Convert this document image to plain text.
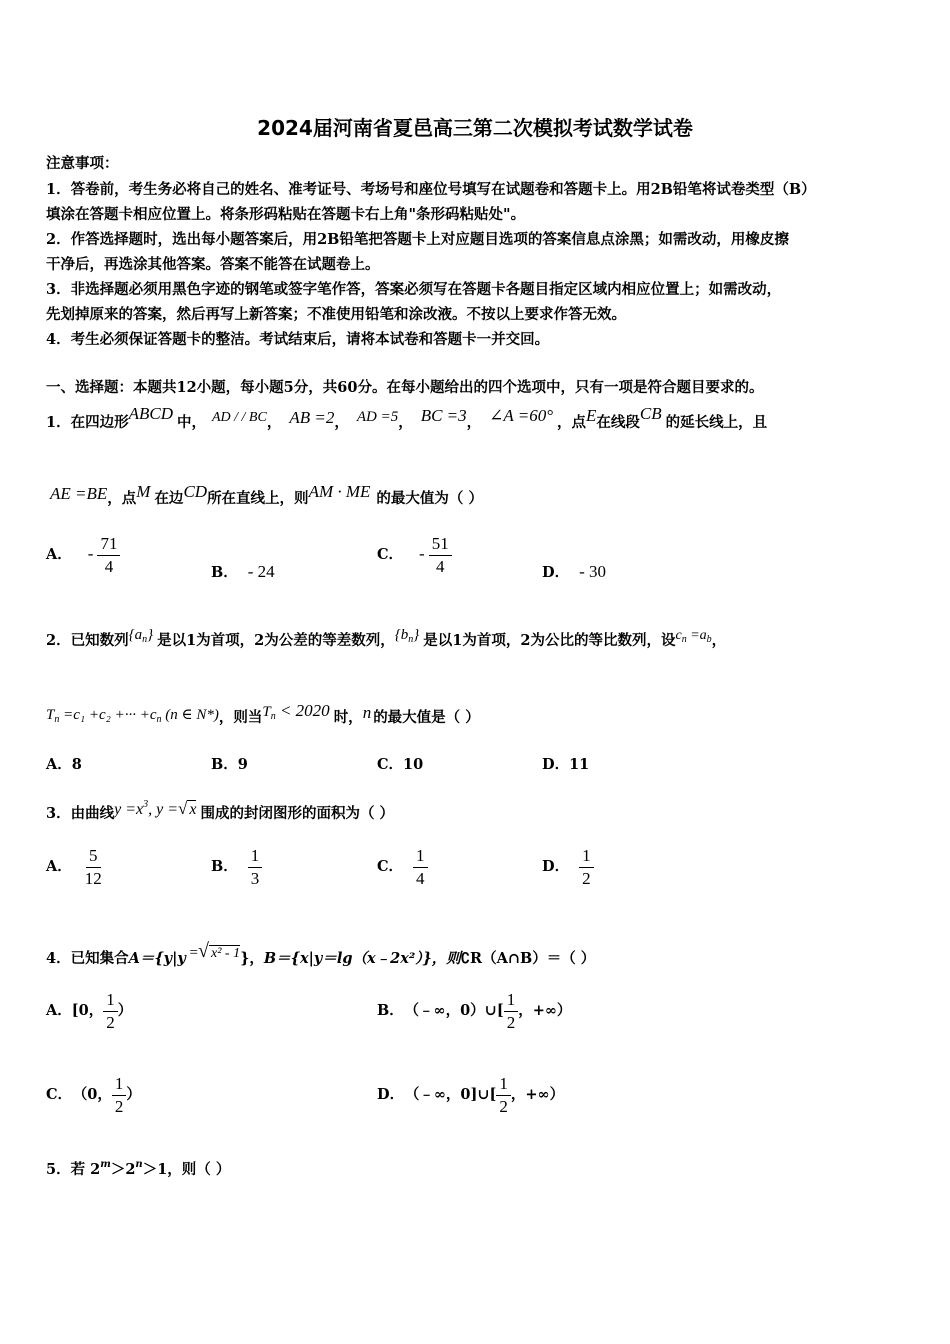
2024届河南省夏邑高三第二次模拟考试数学试卷
注意事项：
1．答卷前，考生务必将自己的姓名、准考证号、考场号和座位号填写在试题卷和答题卡上。用2B铅笔将试卷类型（B）
填涂在答题卡相应位置上。将条形码粘贴在答题卡右上角"条形码粘贴处"。
2．作答选择题时，选出每小题答案后，用2B铅笔把答题卡上对应题目选项的答案信息点涂黑；如需改动，用橡皮擦
干净后，再选涂其他答案。答案不能答在试题卷上。
3．非选择题必须用黑色字迹的钢笔或签字笔作答，答案必须写在答题卡各题目指定区域内相应位置上；如需改动，
先划掉原来的答案，然后再写上新答案；不准使用铅笔和涂改液。不按以上要求作答无效。
4．考生必须保证答题卡的整洁。考试结束后，请将本试卷和答题卡一并交回。
一、选择题：本题共12小题，每小题5分，共60分。在每小题给出的四个选项中，只有一项是符合题目要求的。
1．在四边形ABCD 中， AD / / BC， AB =2， AD =5， BC =3， ∠A =60° ，点E在线段CB 的延长线上，且
AE =BE，点M 在边CD所在直线上，则AM · ME 的最大值为（ ）
A． - $\frac{71}{4}$	B． - 24
C． - $\frac{51}{4}$	D． - 30
2．已知数列$\{a_n\}$ 是以1为首项，2为公差的等差数列，$\{b_n\}$ 是以1为首项，2为公比的等比数列，设$c_n =a_b$，
$T_n =c_1 +c_2$ +··· $+c_n$ (n ∈ N*)，则当$T_n < 2020$ 时，n 的最大值是（ ）
A．8	B．9	C．10	D．11
3．由曲线$y =x^3$, y =√ x 围成的封闭图形的面积为（ ）
A． $\frac{5}{12}$	B． $\frac{1}{3}$	C． $\frac{1}{4}$	D． $\frac{1}{2}$
4．已知集合A＝{y|y =√ x² - 1}，B＝{x|y＝lg（x﹣2x²）}，则∁R（A∩B）＝（ ）
A．[0， $\frac{1}{2}$ ）	B． （﹣∞，0）∪[ $\frac{1}{2}$ ，+∞）
C． （0， $\frac{1}{2}$ ）	D． （﹣∞，0]∪[ $\frac{1}{2}$ ，+∞）
5．若 $2^m>2^n>1$，则（ ）
